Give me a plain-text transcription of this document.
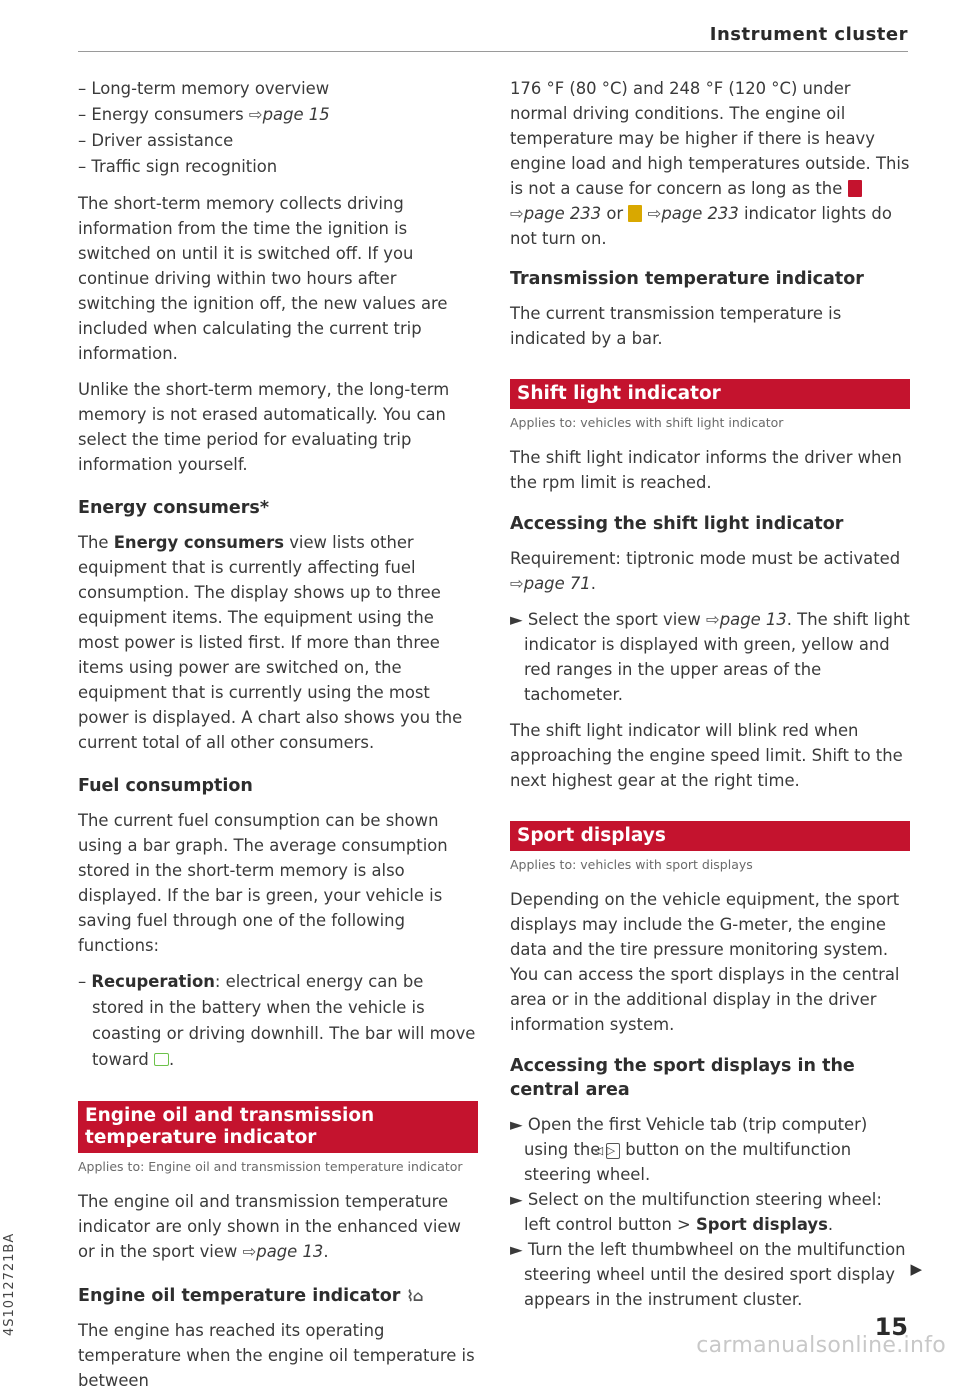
Instrument cluster
– Long-term memory overview
– Energy consumers ⇨page 15
– Driver assistance
– Traffic sign recognition

The short-term memory collects driving information from the time the ignition is switched on until it is switched off. If you continue driving within two hours after switching the ignition off, the new values are included when calculating the current trip information.

Unlike the short-term memory, the long-term memory is not erased automatically. You can select the time period for evaluating trip information yourself.

Energy consumers*

The Energy consumers view lists other equipment that is currently affecting fuel consumption. The display shows up to three equipment items. The equipment using the most power is listed first. If more than three items using power are switched on, the equipment that is currently using the most power is displayed. A chart also shows you the current total of all other consumers.

Fuel consumption

The current fuel consumption can be shown using a bar graph. The average consumption stored in the short-term memory is also displayed. If the bar is green, your vehicle is saving fuel through one of the following functions:

– Recuperation: electrical energy can be stored in the battery when the vehicle is coasting or driving downhill. The bar will move toward .
Engine oil and transmission temperature indicator
Applies to: Engine oil and transmission temperature indicator

The engine oil and transmission temperature indicator are only shown in the enhanced view or in the sport view ⇨page 13.

Engine oil temperature indicator ⌇⌂

The engine has reached its operating temperature when the engine oil temperature is between

176 °F (80 °C) and 248 °F (120 °C) under normal driving conditions. The engine oil temperature may be higher if there is heavy engine load and high temperatures outside. This is not a cause for concern as long as the  ⇨page 233 or ⇨page 233 indicator lights do not turn on.

Transmission temperature indicator

The current transmission temperature is indicated by a bar.

Shift light indicator
Applies to: vehicles with shift light indicator

The shift light indicator informs the driver when the rpm limit is reached.

Accessing the shift light indicator

Requirement: tiptronic mode must be activated ⇨page 71.

► Select the sport view ⇨page 13. The shift light indicator is displayed with green, yellow and red ranges in the upper areas of the tachometer.

The shift light indicator will blink red when approaching the engine speed limit. Shift to the next highest gear at the right time.

Sport displays
Applies to: vehicles with sport displays

Depending on the vehicle equipment, the sport displays may include the G-meter, the engine data and the tire pressure monitoring system. You can access the sport displays in the central area or in the additional display in the driver information system.

Accessing the sport displays in the central area
► Open the first Vehicle tab (trip computer) using the ◁ ▷ button on the multifunction steering wheel.
► Select on the multifunction steering wheel: left control button > Sport displays.
► Turn the left thumbwheel on the multifunction steering wheel until the desired sport display appears in the instrument cluster.
▶
4S1012721BA	15
carmanualsonline.info
